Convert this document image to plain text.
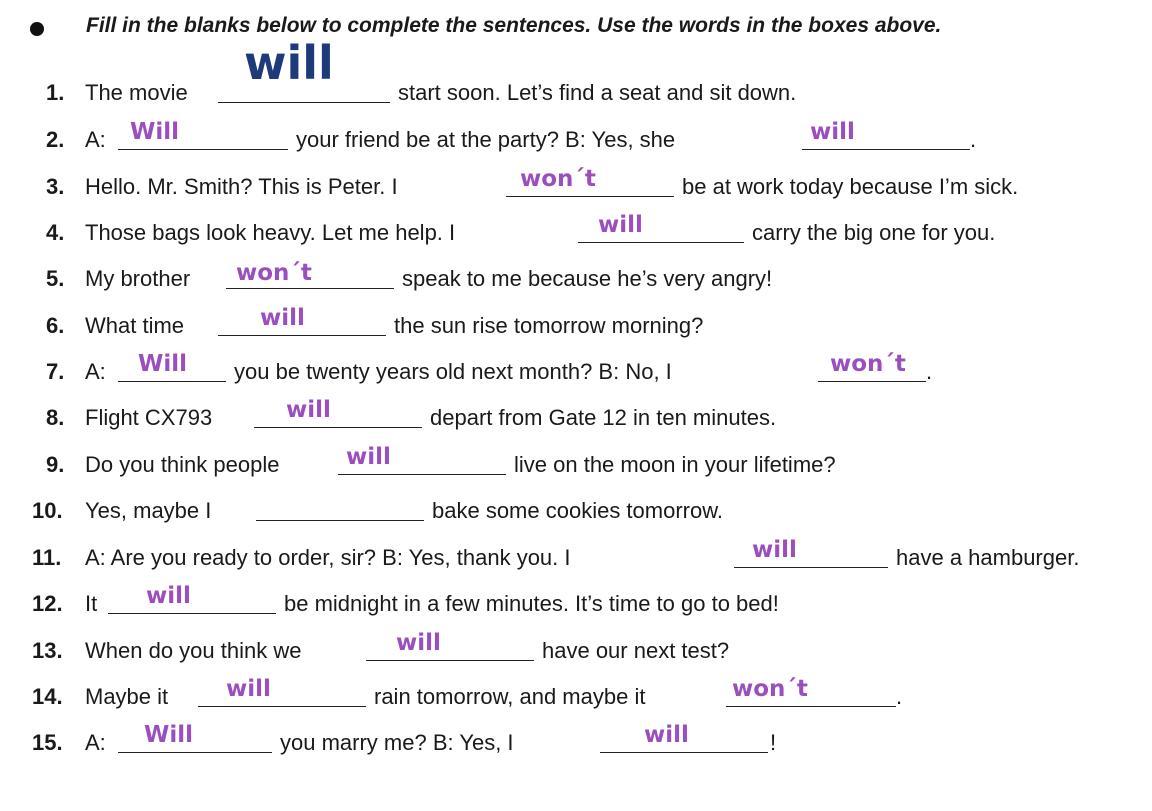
Fill in the blanks below to complete the sentences. Use the words in the boxes above.
1. The movie
will
start soon. Let’s find a seat and sit down.
2. A: Will	your friend be at the party? B: Yes, she	will	.
3. Hello. Mr. Smith? This is Peter. I	won´t	be at work today because I’m sick.
4. Those bags look heavy. Let me help. I	will	carry the big one for you.
5. My brother won´t	speak to me because he’s very angry!
6. What time	will	the sun rise tomorrow morning?
7. A: Will you be twenty years old next month? B: No, I	won´t .
8. Flight CX793	will	depart from Gate 12 in ten minutes.
9. Do you think people	will	live on the moon in your lifetime?
10. Yes, maybe I	bake some cookies tomorrow.
11. A: Are you ready to order, sir? B: Yes, thank you. I	will	have a hamburger.
12. It will	be midnight in a few minutes. It’s time to go to bed!
13. When do you think we	will	have our next test?
14. Maybe it	will	rain tomorrow, and maybe it	won´t	.
15. A: Will	you marry me? B: Yes, I	will	!
